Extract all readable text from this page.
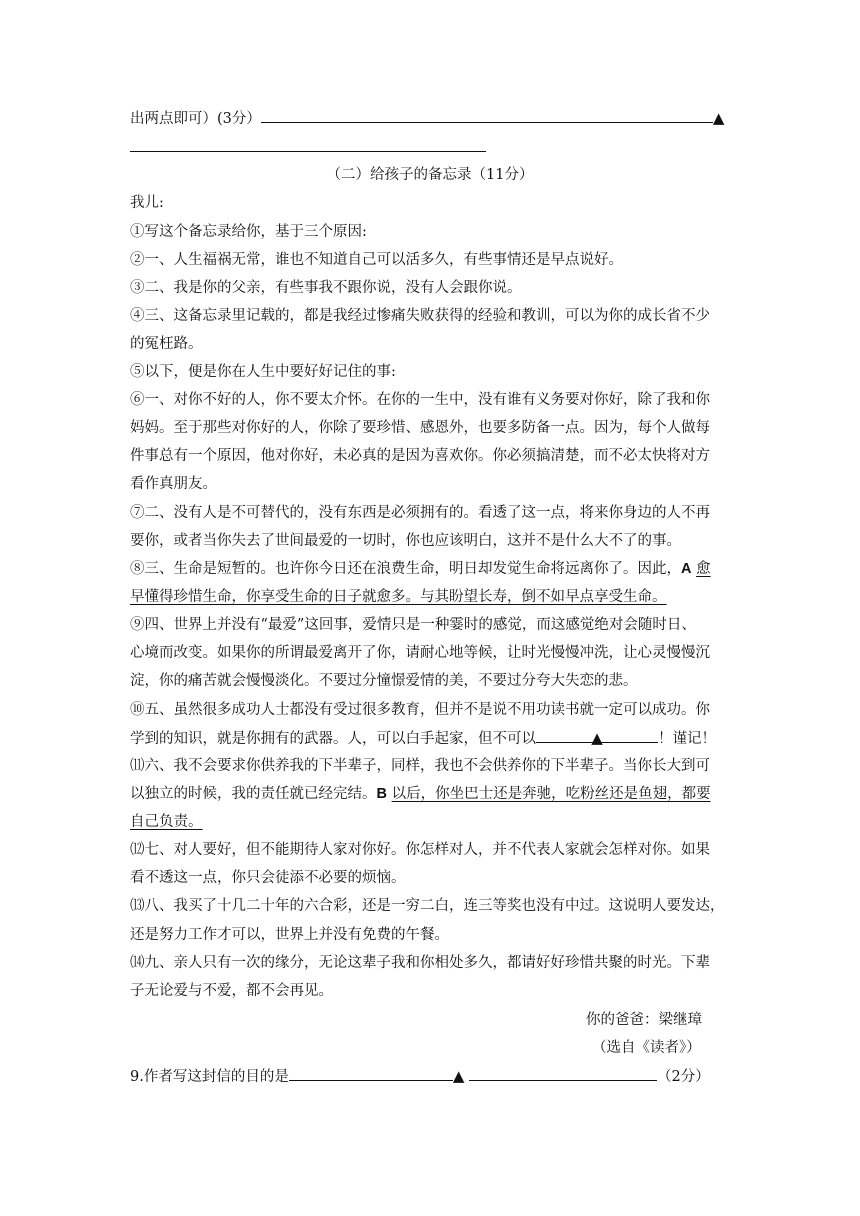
出两点即可）(3分）	▲
（二）给孩子的备忘录（11分）
我儿:
①写这个备忘录给你，基于三个原因:
②一、人生福祸无常，谁也不知道自己可以活多久，有些事情还是早点说好。
③二、我是你的父亲，有些事我不跟你说，没有人会跟你说。
④三、这备忘录里记载的，都是我经过惨痛失败获得的经验和教训，可以为你的成长省不少
的冤枉路。
⑤以下，便是你在人生中要好好记住的事:
⑥一、对你不好的人，你不要太介怀。在你的一生中，没有谁有义务要对你好，除了我和你
妈妈。至于那些对你好的人，你除了要珍惜、感恩外，也要多防备一点。因为，每个人做每
件事总有一个原因，他对你好，未必真的是因为喜欢你。你必须搞清楚，而不必太快将对方
看作真朋友。
⑦二、没有人是不可替代的，没有东西是必须拥有的。看透了这一点，将来你身边的人不再
要你，或者当你失去了世间最爱的一切时，你也应该明白，这并不是什么大不了的事。
⑧三、生命是短暂的。也许你今日还在浪费生命，明日却发觉生命将远离你了。因此，A 愈
早懂得珍惜生命，你享受生命的日子就愈多。与其盼望长寿，倒不如早点享受生命。
⑨四、世界上并没有“最爱”这回事，爱情只是一种霎时的感觉，而这感觉绝对会随时日、
心境而改变。如果你的所谓最爱离开了你，请耐心地等候，让时光慢慢冲洗，让心灵慢慢沉
淀，你的痛苦就会慢慢淡化。不要过分憧憬爱情的美，不要过分夸大失恋的悲。
⑩五、虽然很多成功人士都没有受过很多教育，但并不是说不用功读书就一定可以成功。你
学到的知识，就是你拥有的武器。人，可以白手起家，但不可以	▲	！谨记！
⑾六、我不会要求你供养我的下半辈子，同样，我也不会供养你的下半辈子。当你长大到可
以独立的时候，我的责任就已经完结。B 以后，你坐巴士还是奔驰，吃粉丝还是鱼翅，都要
自己负责。
⑿七、对人要好，但不能期待人家对你好。你怎样对人，并不代表人家就会怎样对你。如果
看不透这一点，你只会徒添不必要的烦恼。
⒀八、我买了十几二十年的六合彩，还是一穷二白，连三等奖也没有中过。这说明人要发达，
还是努力工作才可以，世界上并没有免费的午餐。
⒁九、亲人只有一次的缘分，无论这辈子我和你相处多久，都请好好珍惜共聚的时光。下辈
子无论爱与不爱，都不会再见。
你的爸爸：梁继璋
（选自《读者》）
9.作者写这封信的目的是	▲	（2分）
